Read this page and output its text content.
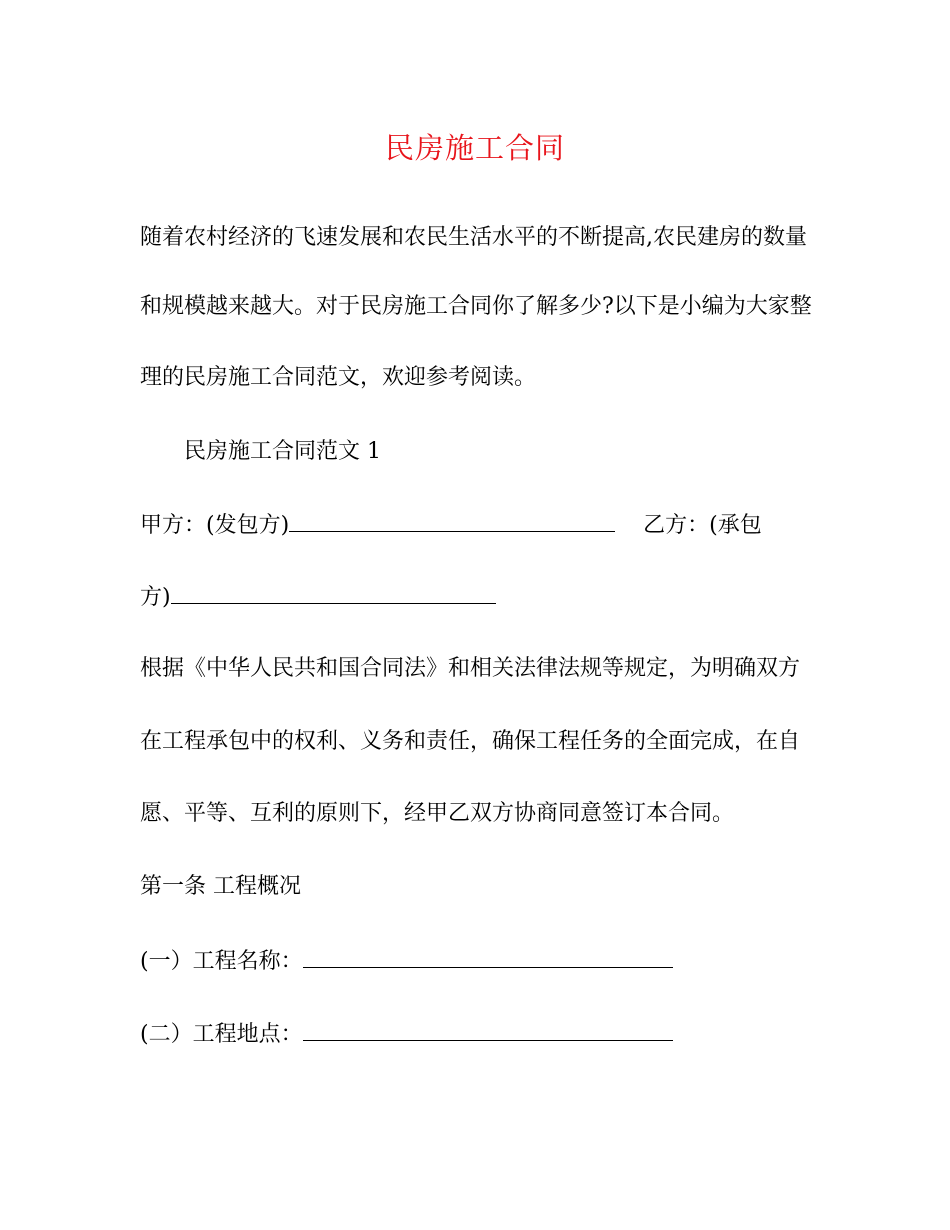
民房施工合同
随着农村经济的飞速发展和农民生活水平的不断提高,农民建房的数量
和规模越来越大。对于民房施工合同你了解多少?以下是小编为大家整
理的民房施工合同范文，欢迎参考阅读。
民房施工合同范文 1
甲方：(发包方)	乙方：(承包
方)
根据《中华人民共和国合同法》和相关法律法规等规定，为明确双方
在工程承包中的权利、义务和责任，确保工程任务的全面完成，在自
愿、平等、互利的原则下，经甲乙双方协商同意签订本合同。
第一条 工程概况
(一）工程名称：
(二）工程地点：
